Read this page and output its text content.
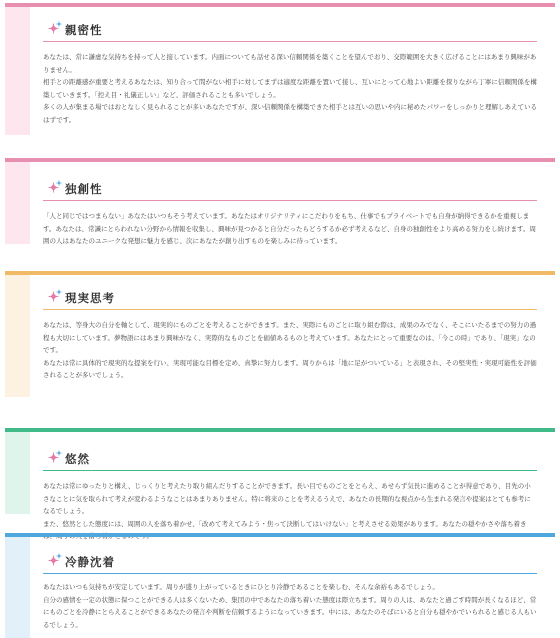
親密性

あなたは、常に謙虚な気持ちを持って人と接しています。内面についても話せる深い信頼関係を築くことを望んでおり、交際範囲を大きく広げることにはあまり興味がありません。

相手との距離感が重要と考えるあなたは、知り合って間がない相手に対してまずは適度な距離を置いて接し、互いにとって心地よい距離を探りながら丁寧に信頼関係を構築していきます。「控え目・礼儀正しい」など、評価されることも多いでしょう。

多くの人が集まる場ではおとなしく見られることが多いあなたですが、深い信頼関係を構築できた相手とは互いの思いや内に秘めたパワーをしっかりと理解しあえているはずです。

独創性

「人と同じではつまらない」あなたはいつもそう考えています。あなたはオリジナリティにこだわりをもち、仕事でもプライベートでも自身が納得できるかを重視します。あなたは、常識にとらわれない分野から情報を収集し、興味が見つかると自分だったらどうするか必ず考えるなど、自身の独創性をより高める努力をし続けます。周囲の人はあなたのユニークな発想に魅力を感じ、次にあなたが創り出すものを楽しみに待っています。

現実思考

あなたは、等身大の自分を軸として、現実的にものごとを考えることができます。また、実際にものごとに取り組む際は、成果のみでなく、そこにいたるまでの努力の過程も大切にしています。夢物語にはあまり興味がなく、実際的なものごとを価値あるものと考えています。あなたにとって重要なのは、「今この時」であり、「現実」なのです。

あなたは常に具体的で現実的な提案を行い、実現可能な目標を定め、真摯に努力します。周りからは「地に足がついている」と表現され、その堅実性・実現可能性を評価されることが多いでしょう。

悠然

あなたは常にゆったりと構え、じっくりと考えたり取り組んだりすることができます。長い目でものごとをとらえ、あせらず気長に進めることが得意であり、目先の小さなことに気を取られて考えが変わるようなことはあまりありません。特に将来のことを考えるうえで、あなたの長期的な視点から生まれる発言や提案はとても参考になるでしょう。

また、悠然とした態度には、周囲の人を落ち着かせ、「改めて考えてみよう・焦って決断してはいけない」と考えさせる効果があります。あなたの穏やかさや落ち着きは、周りの人を落ち着かせるのです。

冷静沈着

あなたはいつも気持ちが安定しています。周りが盛り上がっているときにひとり冷静であることを楽しむ、そんな余裕もあるでしょう。

自分の感情を一定の状態に保つことができる人は多くないため、集団の中であなたの落ち着いた態度は際立ちます。周りの人は、あなたと過ごす時間が長くなるほど、常にものごとを冷静にとらえることができるあなたの発言や判断を信頼するようになっていきます。中には、あなたのそばにいると自分も穏やかでいられると感じる人もいるでしょう。
